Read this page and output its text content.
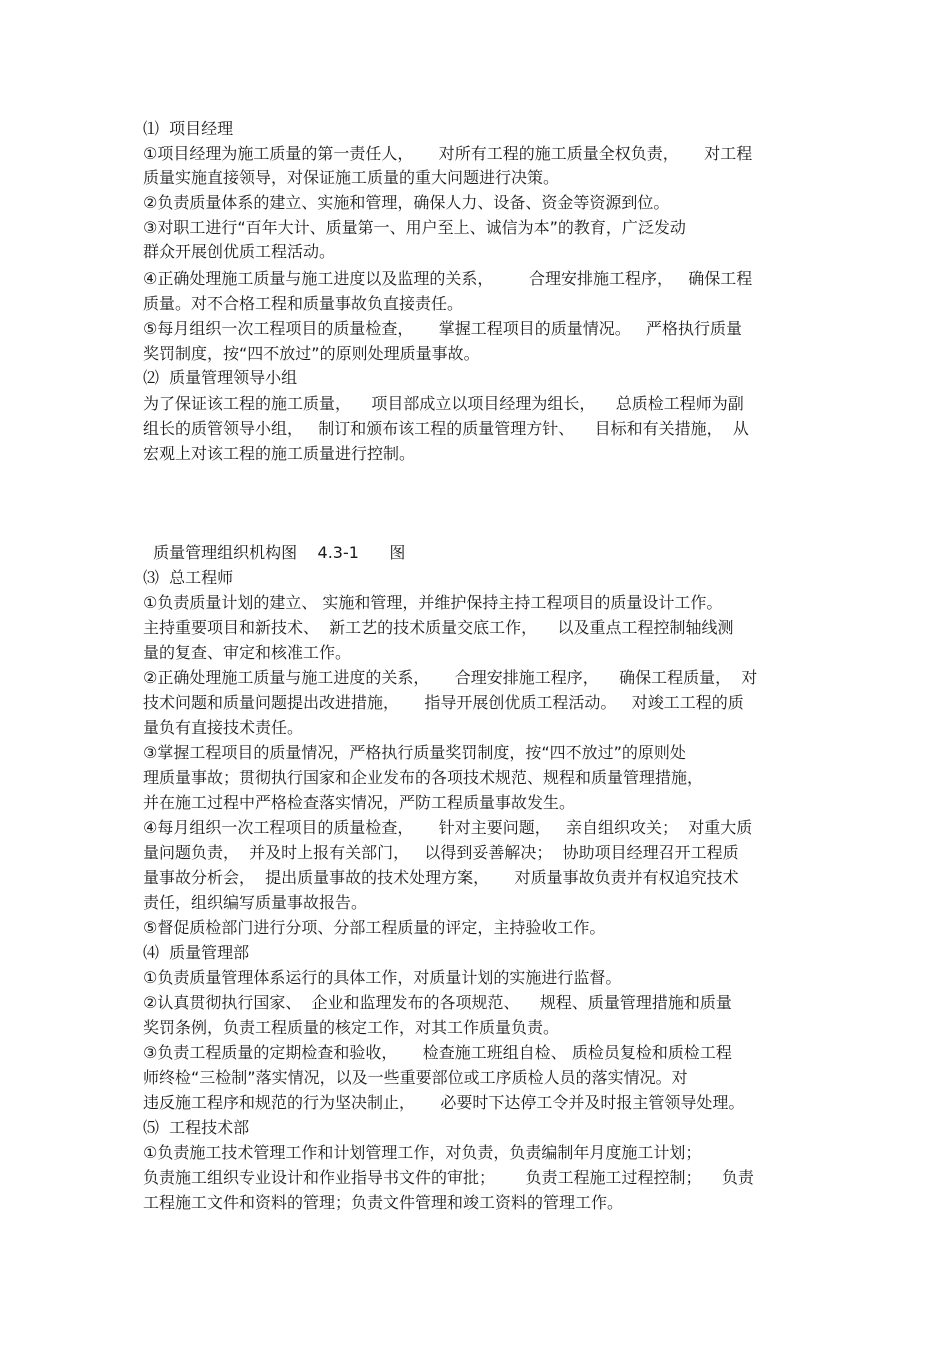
⑴  项目经理
①项目经理为施工质量的第一责任人，     对所有工程的施工质量全权负责，     对工程
质量实施直接领导，对保证施工质量的重大问题进行决策。
②负责质量体系的建立、实施和管理，确保人力、设备、资金等资源到位。
③对职工进行“百年大计、质量第一、用户至上、诚信为本”的教育，广泛发动
群众开展创优质工程活动。
④正确处理施工质量与施工进度以及监理的关系，       合理安排施工程序，   确保工程
质量。对不合格工程和质量事故负直接责任。
⑤每月组织一次工程项目的质量检查，     掌握工程项目的质量情况。   严格执行质量
奖罚制度，按“四不放过”的原则处理质量事故。
⑵  质量管理领导小组
为了保证该工程的施工质量，    项目部成立以项目经理为组长，    总质检工程师为副
组长的质管领导小组，   制订和颁布该工程的质量管理方针、    目标和有关措施，  从
宏观上对该工程的施工质量进行控制。
质量管理组织机构图    4.3-1      图
⑶  总工程师
①负责质量计划的建立、 实施和管理，并维护保持主持工程项目的质量设计工作。
主持重要项目和新技术、  新工艺的技术质量交底工作，    以及重点工程控制轴线测
量的复查、审定和核准工作。
②正确处理施工质量与施工进度的关系，     合理安排施工程序，    确保工程质量，  对
技术问题和质量问题提出改进措施，     指导开展创优质工程活动。   对竣工工程的质
量负有直接技术责任。
③掌握工程项目的质量情况，严格执行质量奖罚制度，按“四不放过”的原则处
理质量事故；贯彻执行国家和企业发布的各项技术规范、规程和质量管理措施，
并在施工过程中严格检查落实情况，严防工程质量事故发生。
④每月组织一次工程项目的质量检查，     针对主要问题，   亲自组织攻关；  对重大质
量问题负责，  并及时上报有关部门，   以得到妥善解决；  协助项目经理召开工程质
量事故分析会，  提出质量事故的技术处理方案，     对质量事故负责并有权追究技术
责任，组织编写质量事故报告。
⑤督促质检部门进行分项、分部工程质量的评定，主持验收工作。
⑷  质量管理部
①负责质量管理体系运行的具体工作，对质量计划的实施进行监督。
②认真贯彻执行国家、  企业和监理发布的各项规范、    规程、质量管理措施和质量
奖罚条例，负责工程质量的核定工作，对其工作质量负责。
③负责工程质量的定期检查和验收，     检查施工班组自检、 质检员复检和质检工程
师终检“三检制”落实情况，以及一些重要部位或工序质检人员的落实情况。对
违反施工程序和规范的行为坚决制止，     必要时下达停工令并及时报主管领导处理。
⑸  工程技术部
①负责施工技术管理工作和计划管理工作，对负责，负责编制年月度施工计划；
负责施工组织专业设计和作业指导书文件的审批；      负责工程施工过程控制；    负责
工程施工文件和资料的管理；负责文件管理和竣工资料的管理工作。
